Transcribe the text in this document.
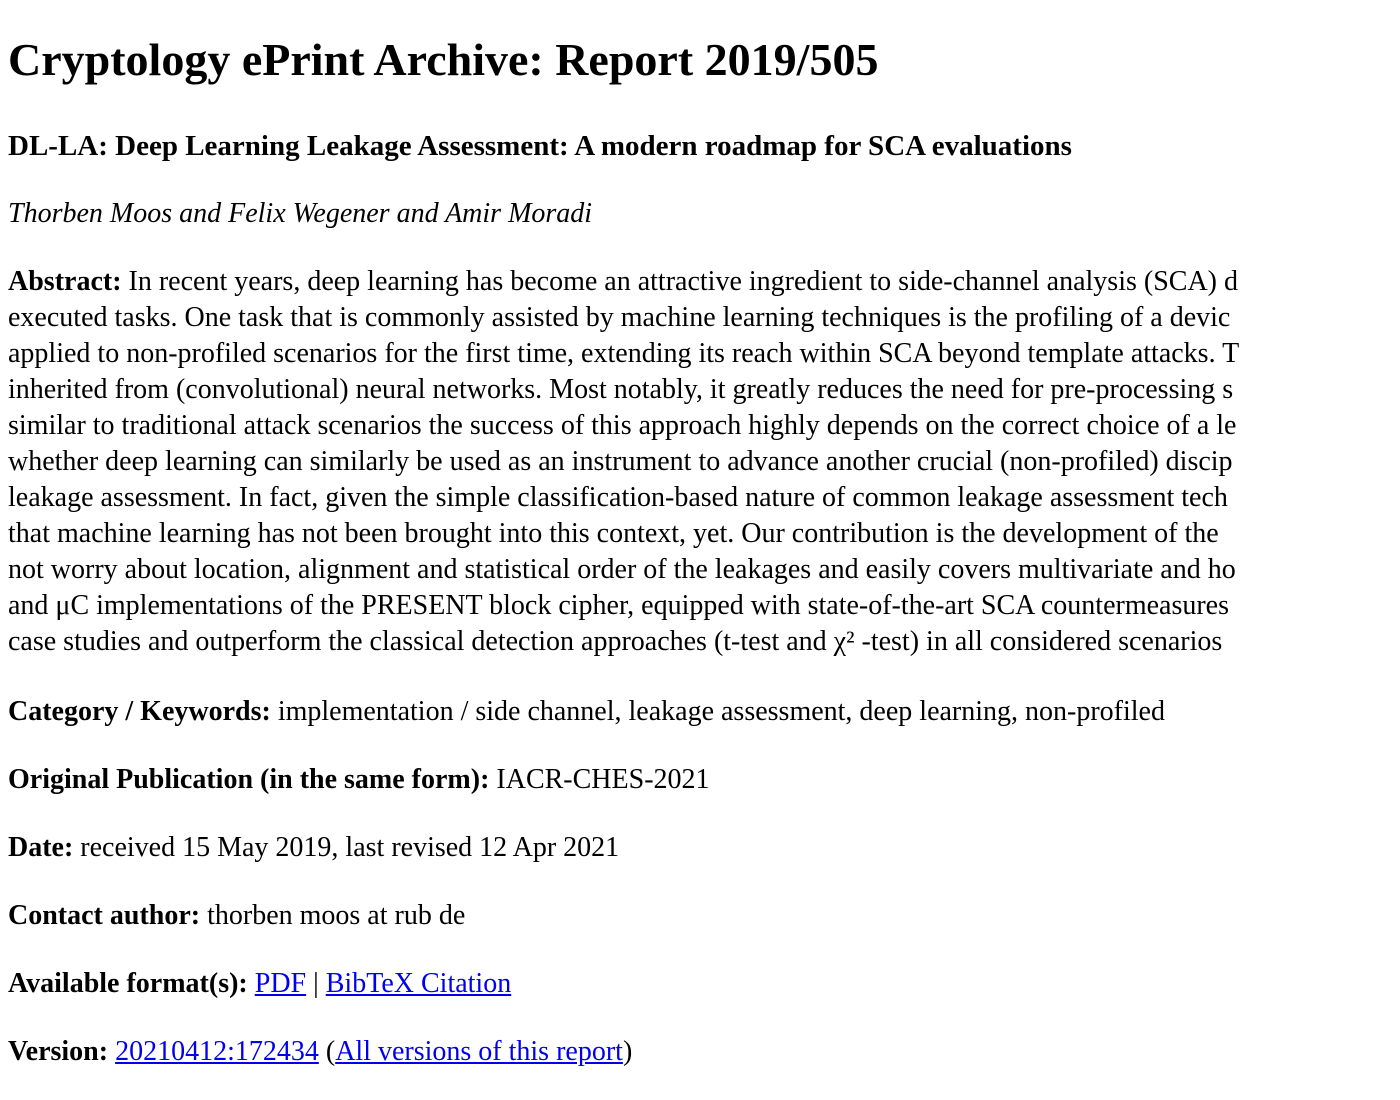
Cryptology ePrint Archive: Report 2019/505
DL-LA: Deep Learning Leakage Assessment: A modern roadmap for SCA evaluations
Thorben Moos and Felix Wegener and Amir Moradi
Abstract: In recent years, deep learning has become an attractive ingredient to side-channel analysis (SCA) d
executed tasks. One task that is commonly assisted by machine learning techniques is the profiling of a devic
applied to non-profiled scenarios for the first time, extending its reach within SCA beyond template attacks. T
inherited from (convolutional) neural networks. Most notably, it greatly reduces the need for pre-processing s
similar to traditional attack scenarios the success of this approach highly depends on the correct choice of a le
whether deep learning can similarly be used as an instrument to advance another crucial (non-profiled) discip
leakage assessment. In fact, given the simple classification-based nature of common leakage assessment tech
that machine learning has not been brought into this context, yet. Our contribution is the development of the
not worry about location, alignment and statistical order of the leakages and easily covers multivariate and ho
and μC implementations of the PRESENT block cipher, equipped with state-of-the-art SCA countermeasures
case studies and outperform the classical detection approaches (t-test and χ² -test) in all considered scenarios
Category / Keywords: implementation / side channel, leakage assessment, deep learning, non-profiled
Original Publication (in the same form): IACR-CHES-2021
Date: received 15 May 2019, last revised 12 Apr 2021
Contact author: thorben moos at rub de
Available format(s): PDF | BibTeX Citation
Version: 20210412:172434 (All versions of this report)
